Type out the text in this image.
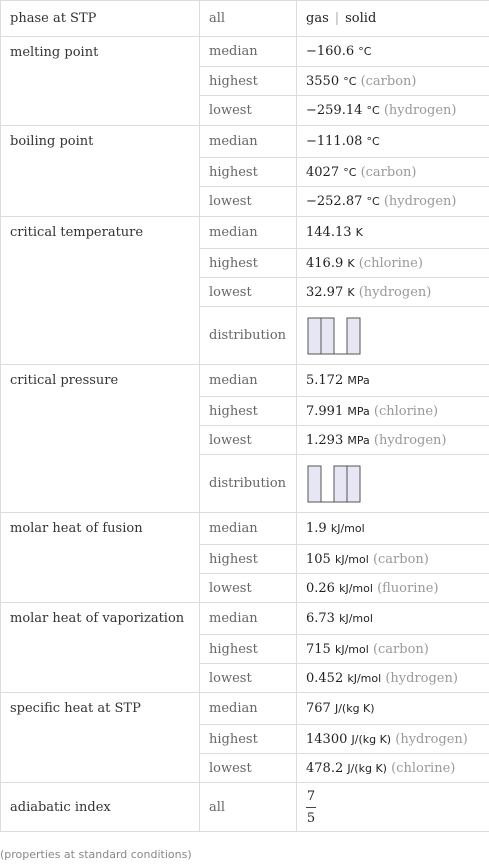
phase at STP	all	gas | solid
melting point	median	−160.6 °C
	highest	3550 °C (carbon)
	lowest	−259.14 °C (hydrogen)
boiling point	median	−111.08 °C
	highest	4027 °C (carbon)
	lowest	−252.87 °C (hydrogen)
critical temperature	median	144.13 K
	highest	416.9 K (chlorine)
	lowest	32.97 K (hydrogen)
	distribution	

critical pressure	median	5.172 MPa
	highest	7.991 MPa (chlorine)
	lowest	1.293 MPa (hydrogen)
	distribution	

molar heat of fusion	median	1.9 kJ/mol
	highest	105 kJ/mol (carbon)
	lowest	0.26 kJ/mol (fluorine)
molar heat of vaporization	median	6.73 kJ/mol
	highest	715 kJ/mol (carbon)
	lowest	0.452 kJ/mol (hydrogen)
specific heat at STP	median	767 J/(kg K)
	highest	14300 J/(kg K) (hydrogen)
	lowest	478.2 J/(kg K) (chlorine)
adiabatic index	all	$\frac{7}{5}$
(properties at standard conditions)
